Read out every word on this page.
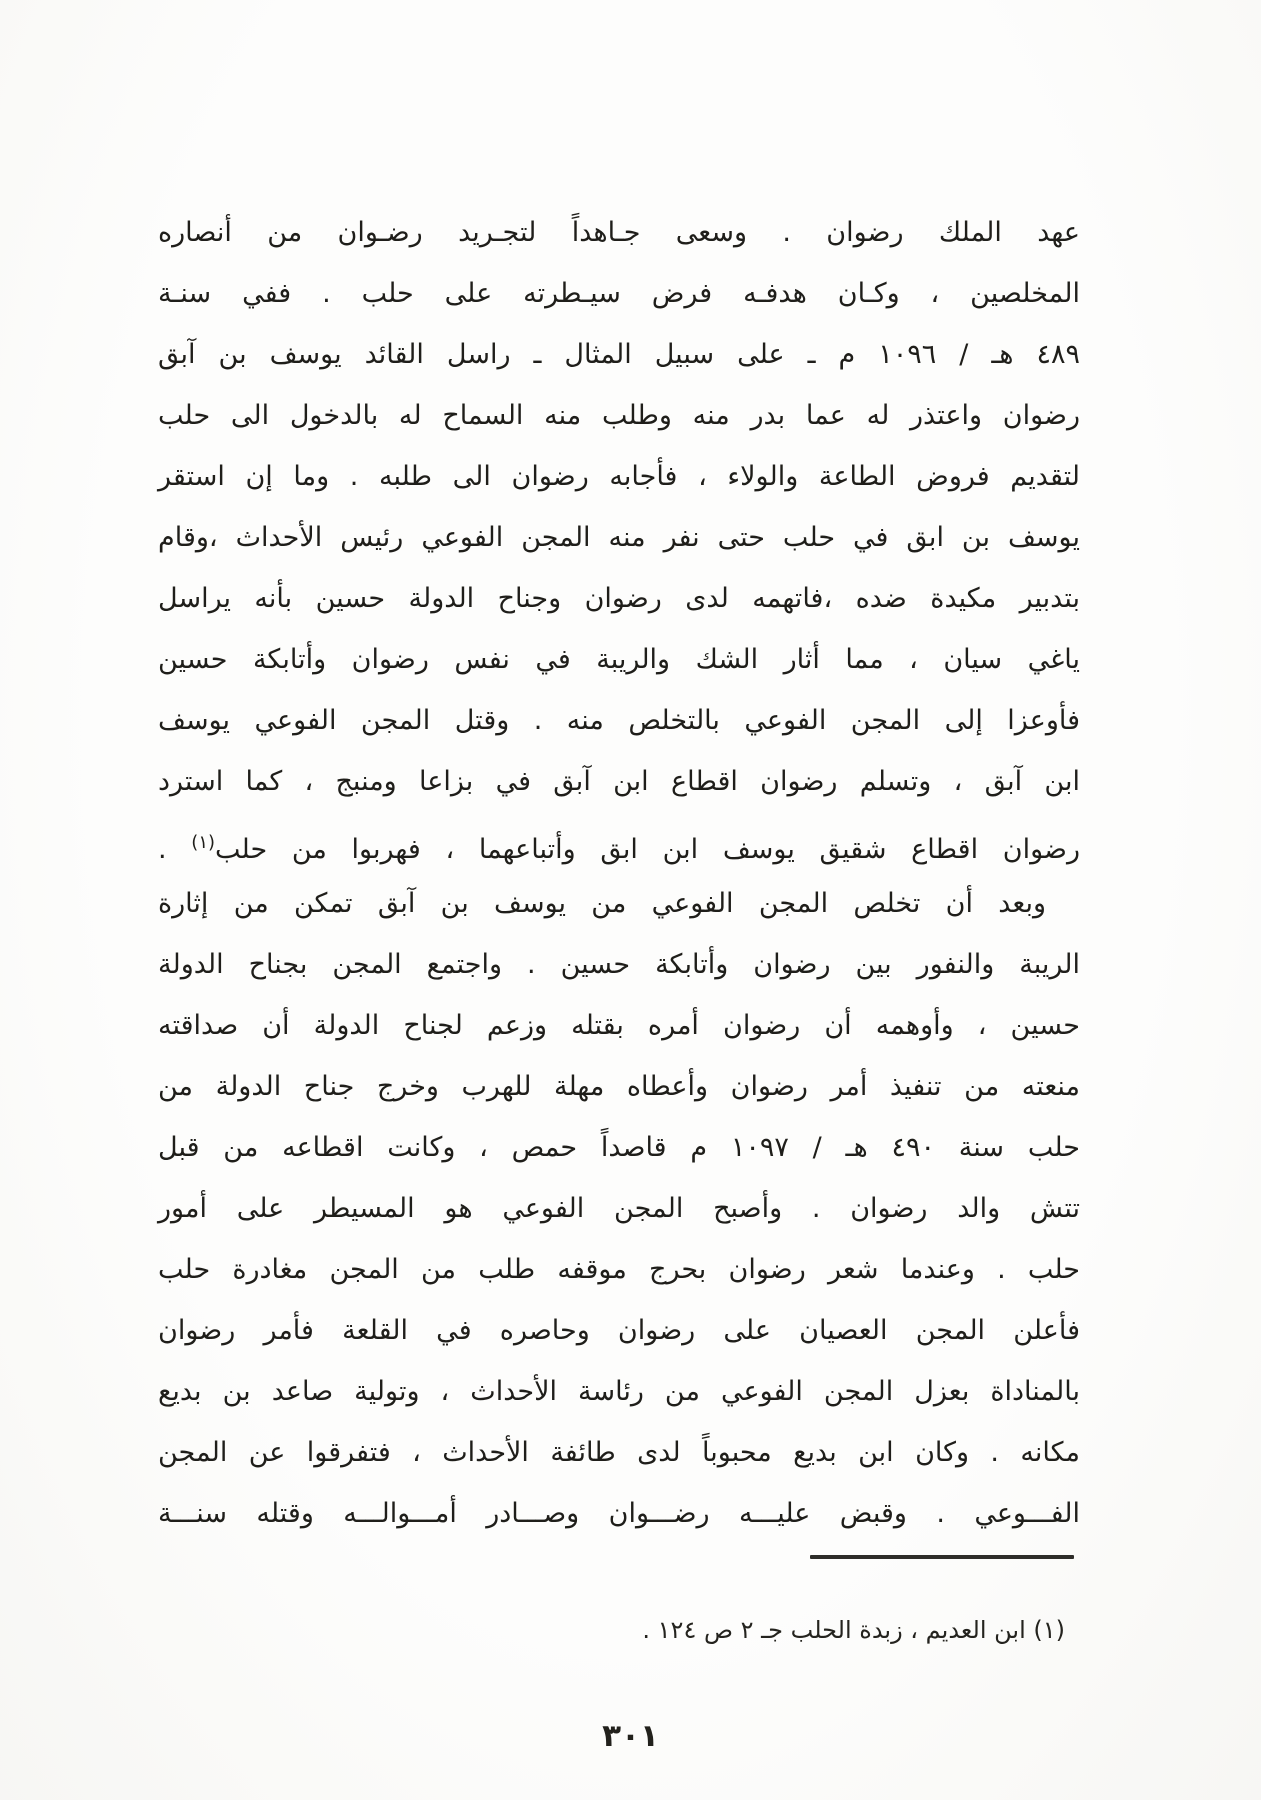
عهد الملك رضوان . وسعى جـاهداً لتجـريد رضـوان من أنصاره
المخلصين ، وكـان هدفـه فرض سيـطرته على حلب . ففي سنـة
٤٨٩ هـ / ١٠٩٦ م ـ على سبيل المثال ـ راسل القائد يوسف بن آبق
رضوان واعتذر له عما بدر منه وطلب منه السماح له بالدخول الى حلب
لتقديم فروض الطاعة والولاء ، فأجابه رضوان الى طلبه . وما إن استقر
يوسف بن ابق في حلب حتى نفر منه المجن الفوعي رئيس الأحداث ،وقام
بتدبير مكيدة ضده ،فاتهمه لدى رضوان وجناح الدولة حسين بأنه يراسل
ياغي سيان ، مما أثار الشك والريبة في نفس رضوان وأتابكة حسين
فأوعزا إلى المجن الفوعي بالتخلص منه . وقتل المجن الفوعي يوسف
ابن آبق ، وتسلم رضوان اقطاع ابن آبق في بزاعا ومنبج ، كما استرد
رضوان اقطاع شقيق يوسف ابن ابق وأتباعهما ، فهربوا من حلب$^{(١)}$ .
وبعد أن تخلص المجن الفوعي من يوسف بن آبق تمكن من إثارة
الريبة والنفور بين رضوان وأتابكة حسين . واجتمع المجن بجناح الدولة
حسين ، وأوهمه أن رضوان أمره بقتله وزعم لجناح الدولة أن صداقته
منعته من تنفيذ أمر رضوان وأعطاه مهلة للهرب وخرج جناح الدولة من
حلب سنة ٤٩٠ هـ / ١٠٩٧ م قاصداً حمص ، وكانت اقطاعه من قبل
تتش والد رضوان . وأصبح المجن الفوعي هو المسيطر على أمور
حلب . وعندما شعر رضوان بحرج موقفه طلب من المجن مغادرة حلب
فأعلن المجن العصيان على رضوان وحاصره في القلعة فأمر رضوان
بالمناداة بعزل المجن الفوعي من رئاسة الأحداث ، وتولية صاعد بن بديع
مكانه . وكان ابن بديع محبوباً لدى طائفة الأحداث ، فتفرقوا عن المجن
الفـــوعي . وقبض عليـــه رضـــوان وصـــادر أمـــوالـــه وقتله سنـــة
(١) ابن العديم ، زبدة الحلب جـ ٢ ص ١٢٤ .
٣٠١
